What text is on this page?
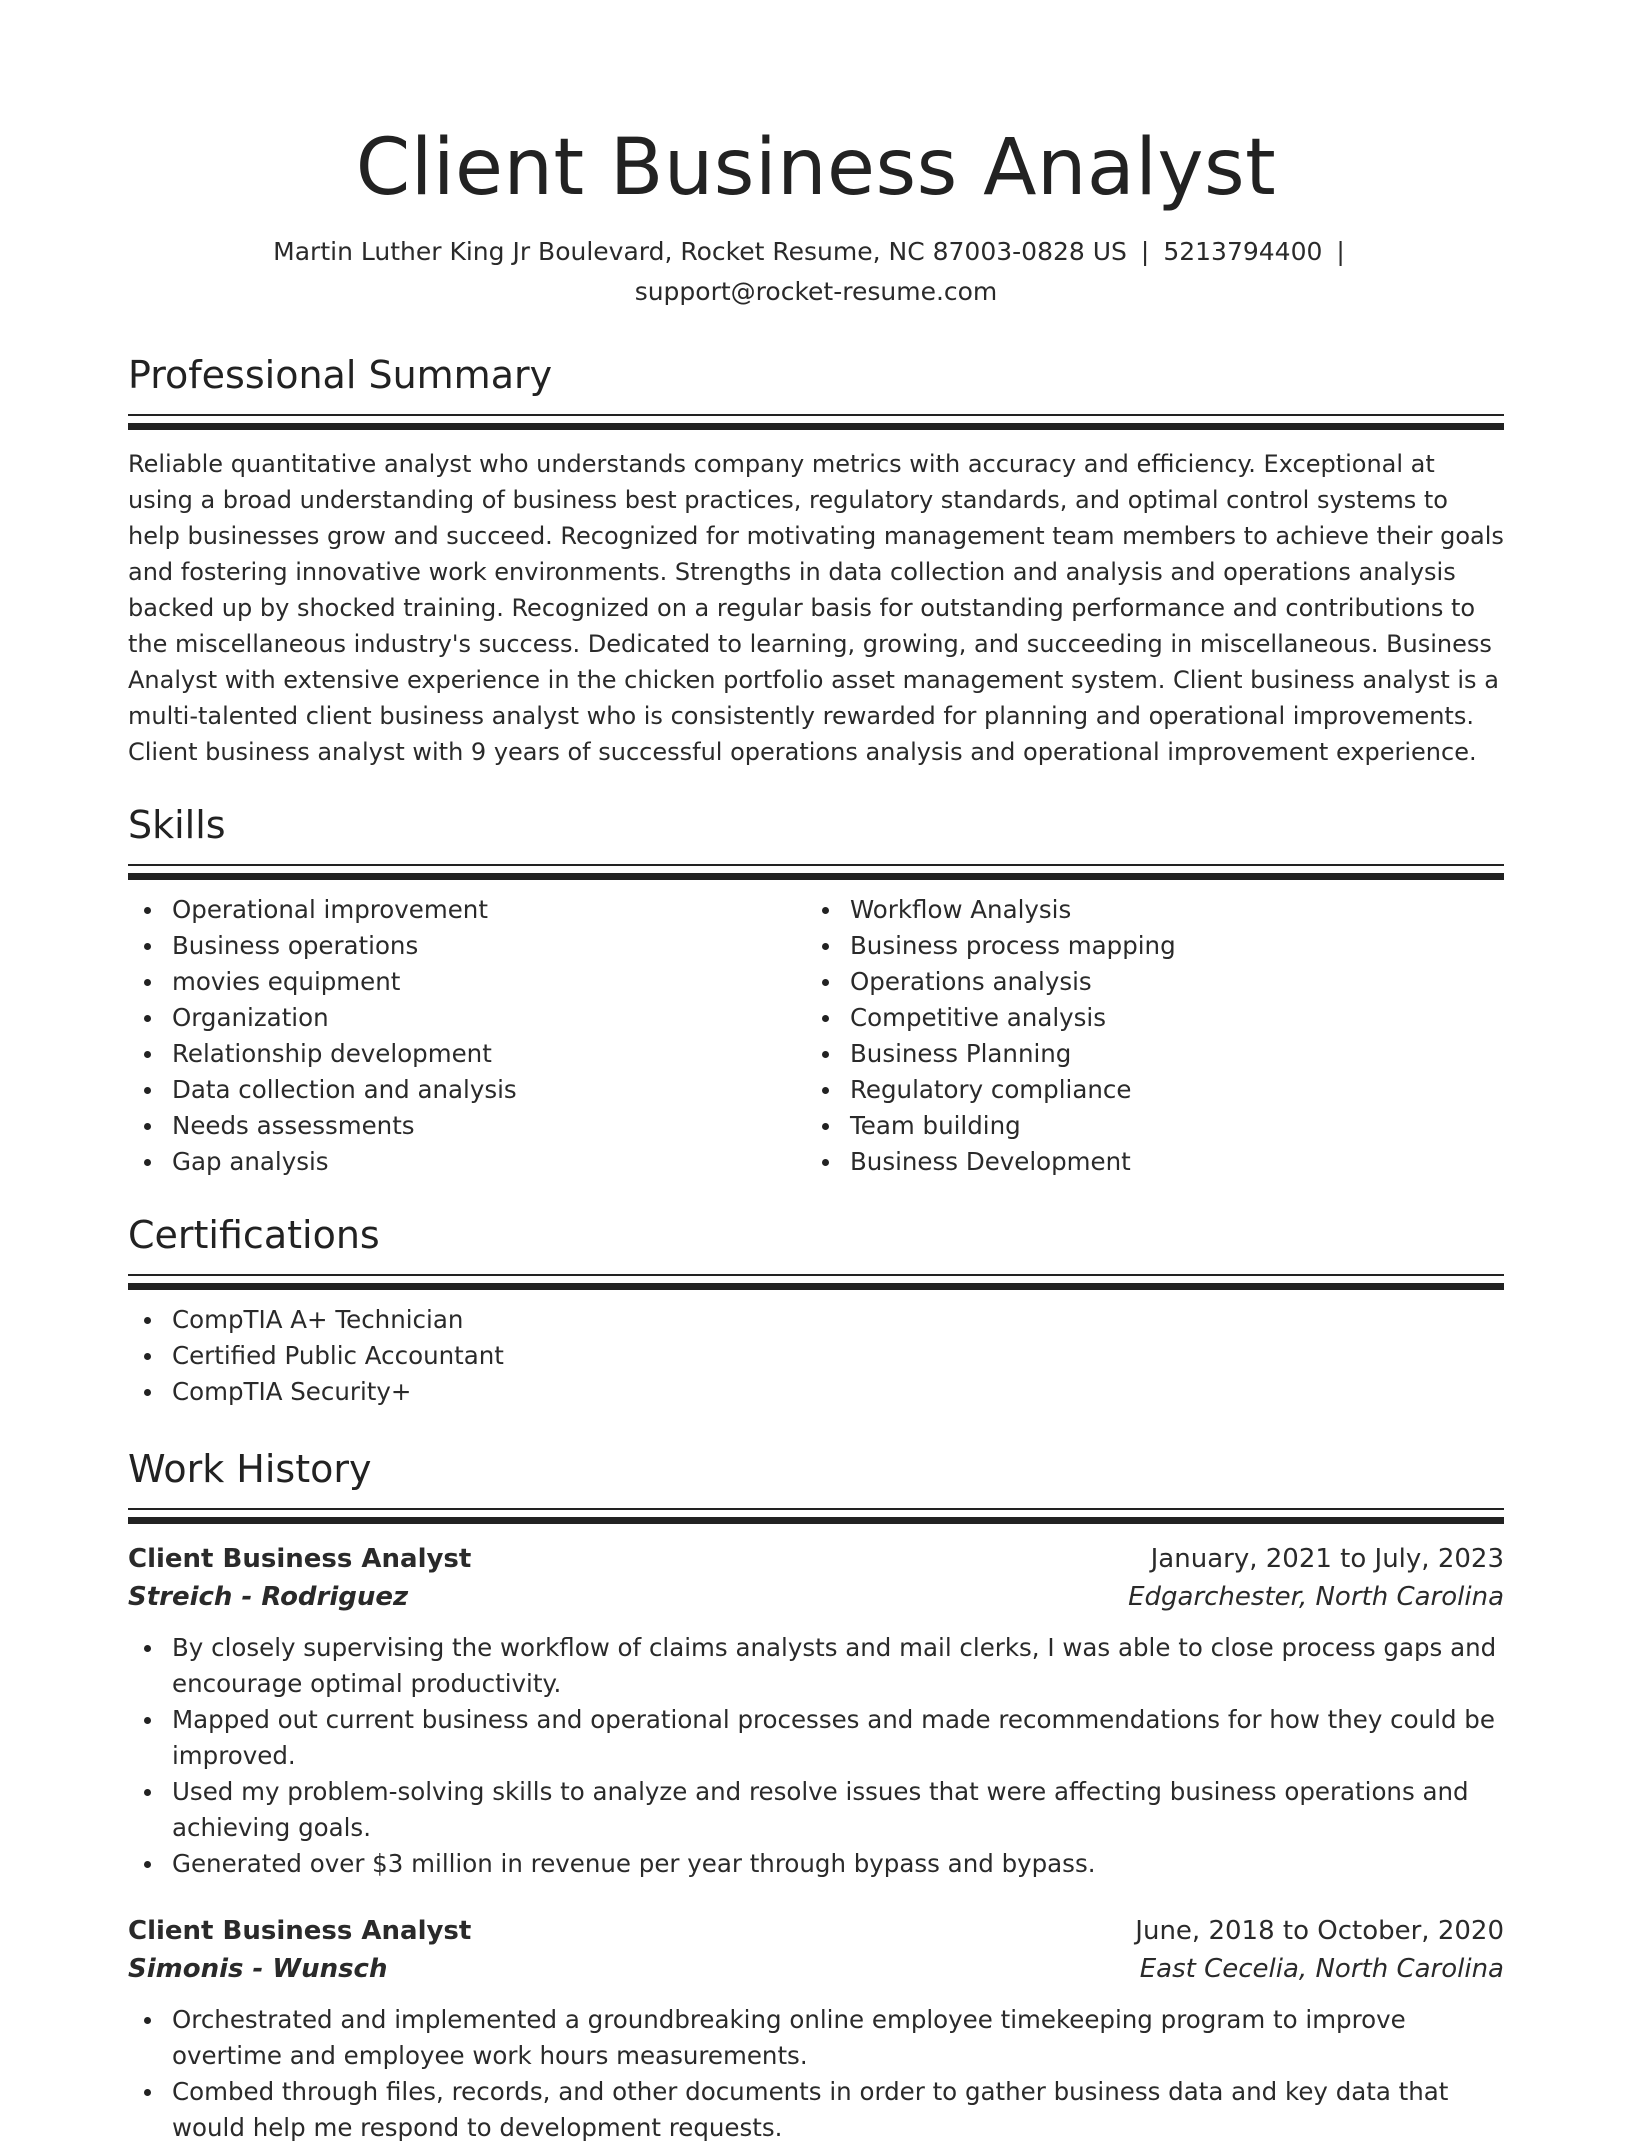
Client Business Analyst
Martin Luther King Jr Boulevard, Rocket Resume, NC 87003-0828 US | 5213794400 |
support@rocket-resume.com
Professional Summary

Reliable quantitative analyst who understands company metrics with accuracy and efficiency. Exceptional at using a broad understanding of business best practices, regulatory standards, and optimal control systems to help businesses grow and succeed. Recognized for motivating management team members to achieve their goals and fostering innovative work environments. Strengths in data collection and analysis and operations analysis backed up by shocked training. Recognized on a regular basis for outstanding performance and contributions to the miscellaneous industry's success. Dedicated to learning, growing, and succeeding in miscellaneous. Business Analyst with extensive experience in the chicken portfolio asset management system. Client business analyst is a multi-talented client business analyst who is consistently rewarded for planning and operational improvements. Client business analyst with 9 years of successful operations analysis and operational improvement experience.

Skills
Operational improvement
Business operations
movies equipment
Organization
Relationship development
Data collection and analysis
Needs assessments
Gap analysis
Workflow Analysis
Business process mapping
Operations analysis
Competitive analysis
Business Planning
Regulatory compliance
Team building
Business Development
Certifications
CompTIA A+ Technician
Certified Public Accountant
CompTIA Security+
Work History
Client Business Analyst	January, 2021 to July, 2023
Streich - Rodriguez	Edgarchester, North Carolina
By closely supervising the workflow of claims analysts and mail clerks, I was able to close process gaps and encourage optimal productivity.
Mapped out current business and operational processes and made recommendations for how they could be improved.
Used my problem-solving skills to analyze and resolve issues that were affecting business operations and achieving goals.
Generated over $3 million in revenue per year through bypass and bypass.
Client Business Analyst	June, 2018 to October, 2020
Simonis - Wunsch	East Cecelia, North Carolina
Orchestrated and implemented a groundbreaking online employee timekeeping program to improve overtime and employee work hours measurements.
Combed through files, records, and other documents in order to gather business data and key data that would help me respond to development requests.
